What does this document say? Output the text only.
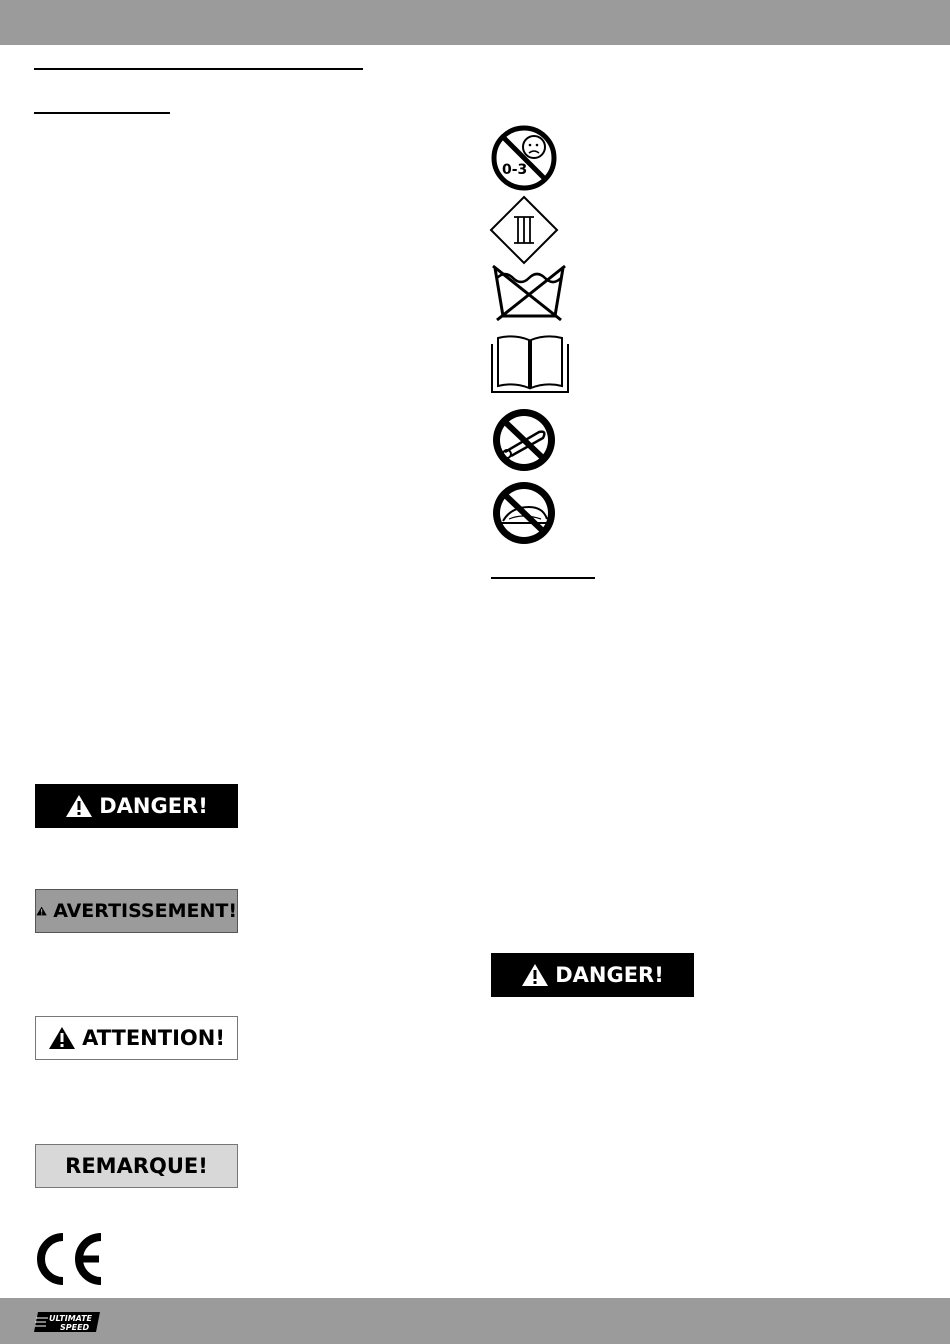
0-3
DANGER!
AVERTISSEMENT!
ATTENTION!
REMARQUE!
DANGER!
ULTIMATE
SPEED
